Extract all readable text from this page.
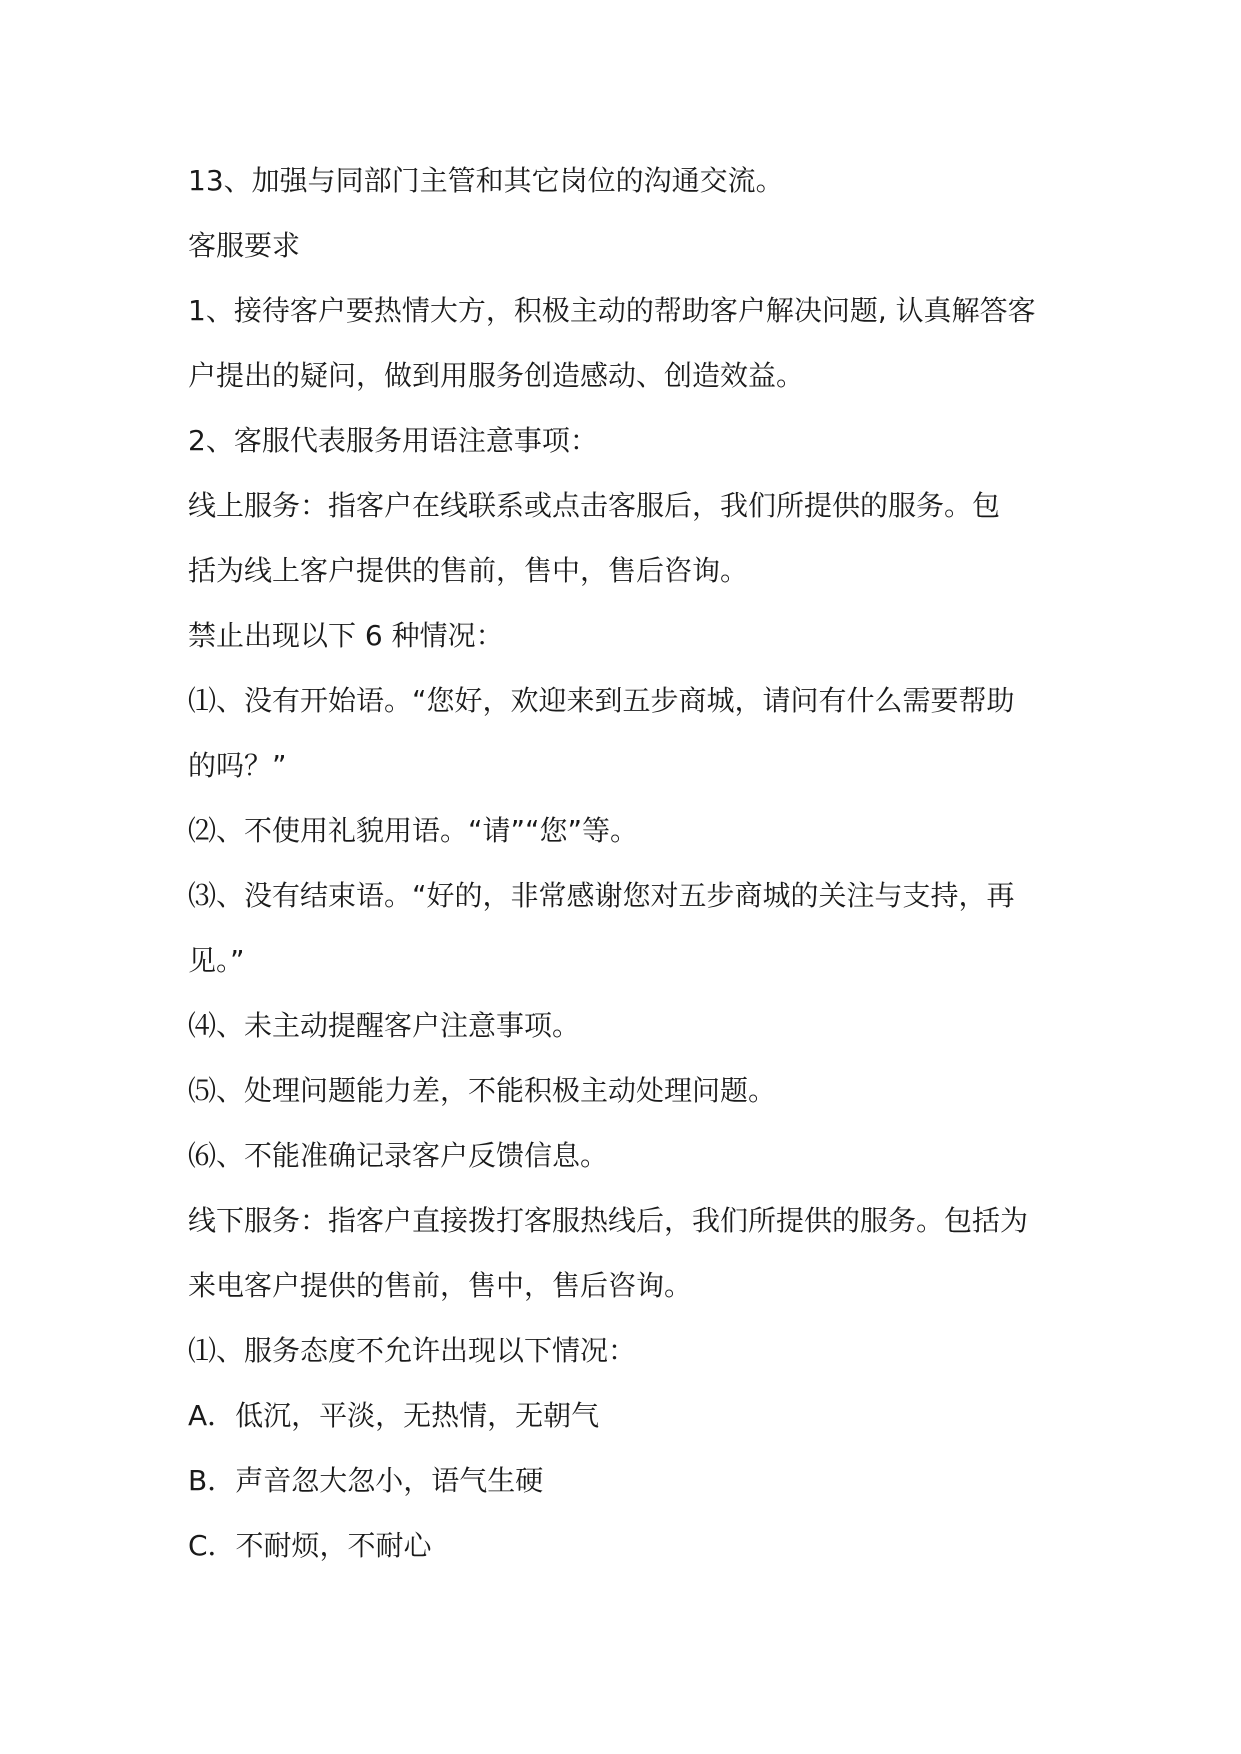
13、加强与同部门主管和其它岗位的沟通交流。
客服要求
1、接待客户要热情大方，积极主动的帮助客户解决问题, 认真解答客
户提出的疑问，做到用服务创造感动、创造效益。
2、客服代表服务用语注意事项：
线上服务：指客户在线联系或点击客服后，我们所提供的服务。包
括为线上客户提供的售前，售中，售后咨询。
禁止出现以下 6 种情况：
⑴、没有开始语。“您好，欢迎来到五步商城，请问有什么需要帮助
的吗？”
⑵、不使用礼貌用语。“请”“您”等。
⑶、没有结束语。“好的，非常感谢您对五步商城的关注与支持，再
见。”
⑷、未主动提醒客户注意事项。
⑸、处理问题能力差，不能积极主动处理问题。
⑹、不能准确记录客户反馈信息。
线下服务：指客户直接拨打客服热线后，我们所提供的服务。包括为
来电客户提供的售前，售中，售后咨询。
⑴、服务态度不允许出现以下情况：
A．低沉，平淡，无热情，无朝气
B．声音忽大忽小，语气生硬
C．不耐烦，不耐心
